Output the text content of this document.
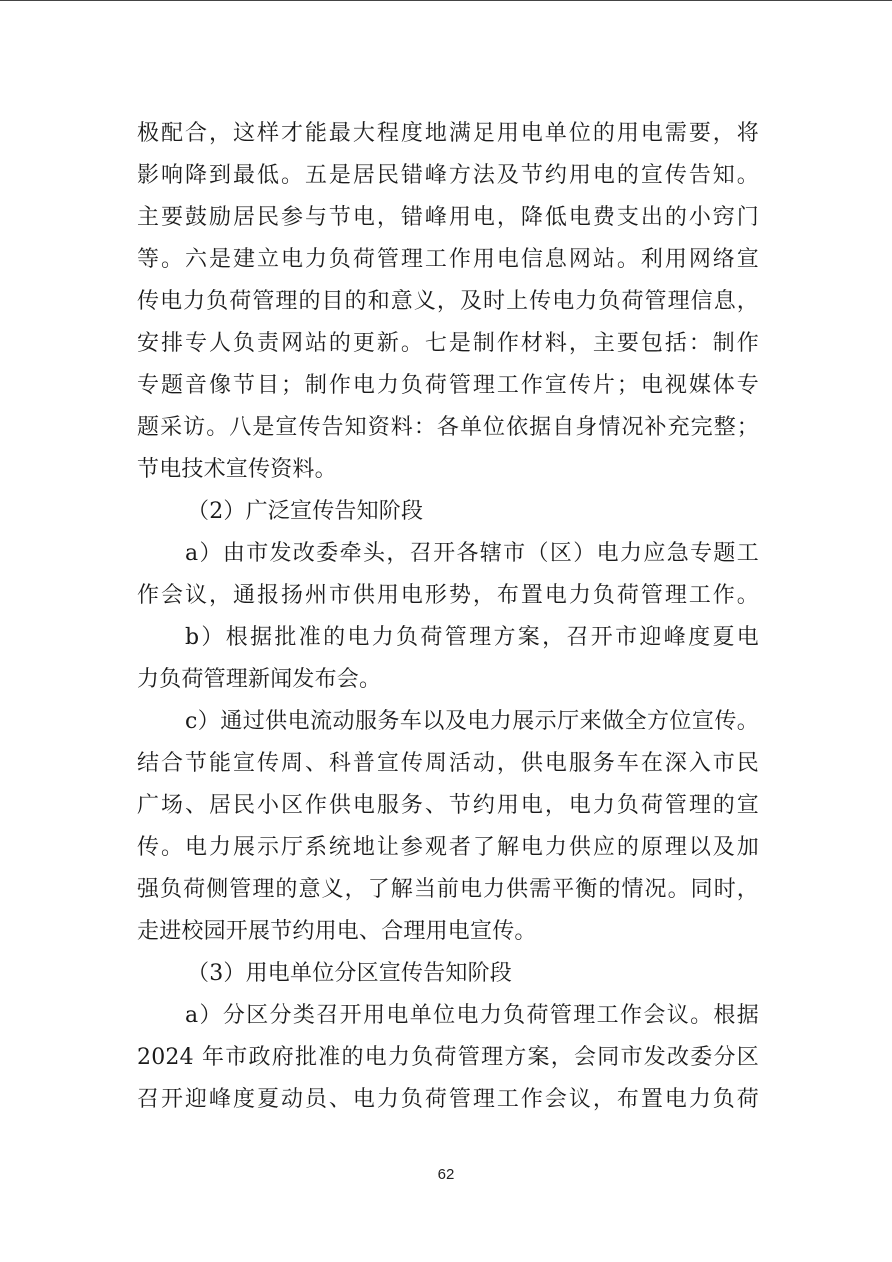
极配合，这样才能最大程度地满足用电单位的用电需要，将
影响降到最低。五是居民错峰方法及节约用电的宣传告知。
主要鼓励居民参与节电，错峰用电，降低电费支出的小窍门
等。六是建立电力负荷管理工作用电信息网站。利用网络宣
传电力负荷管理的目的和意义，及时上传电力负荷管理信息，
安排专人负责网站的更新。七是制作材料，主要包括：制作
专题音像节目；制作电力负荷管理工作宣传片；电视媒体专
题采访。八是宣传告知资料：各单位依据自身情况补充完整；
节电技术宣传资料。
（2）广泛宣传告知阶段
a）由市发改委牵头，召开各辖市（区）电力应急专题工
作会议，通报扬州市供用电形势，布置电力负荷管理工作。
b）根据批准的电力负荷管理方案，召开市迎峰度夏电
力负荷管理新闻发布会。
c）通过供电流动服务车以及电力展示厅来做全方位宣传。
结合节能宣传周、科普宣传周活动，供电服务车在深入市民
广场、居民小区作供电服务、节约用电，电力负荷管理的宣
传。电力展示厅系统地让参观者了解电力供应的原理以及加
强负荷侧管理的意义，了解当前电力供需平衡的情况。同时，
走进校园开展节约用电、合理用电宣传。
（3）用电单位分区宣传告知阶段
a）分区分类召开用电单位电力负荷管理工作会议。根据
2024 年市政府批准的电力负荷管理方案，会同市发改委分区
召开迎峰度夏动员、电力负荷管理工作会议，布置电力负荷
62
